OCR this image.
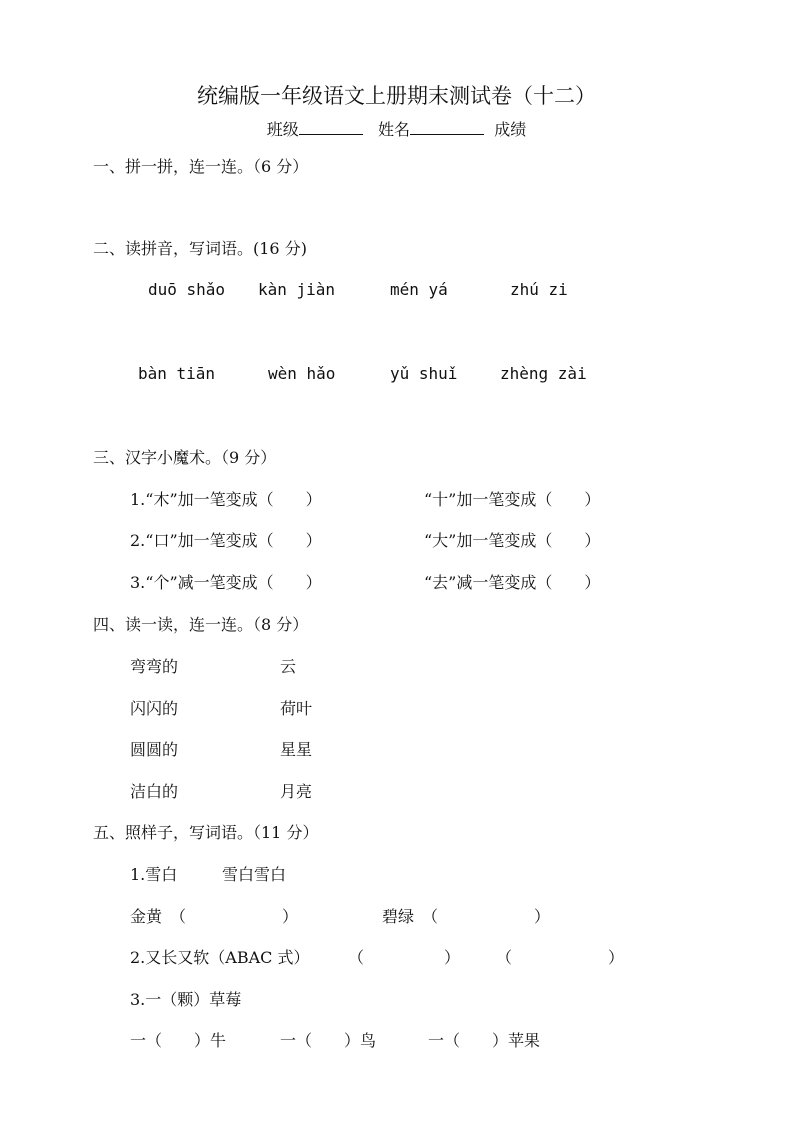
统编版一年级语文上册期末测试卷（十二）
班级	姓名	成绩
一、拼一拼，连一连。（6 分）
二、读拼音，写词语。(16 分)
duō shǎo kàn jiàn	mén yá	zhú zi
bàn tiān	wèn hǎo	yǔ shuǐ	zhèng zài
三、汉字小魔术。（9 分）
1.“木”加一笔变成（　　）	“十”加一笔变成（　　）
2.“口”加一笔变成（　　）	“大”加一笔变成（　　）
3.“个”减一笔变成（　　）	“去”减一笔变成（　　）
四、读一读，连一连。（8 分）
弯弯的	云
闪闪的	荷叶
圆圆的	星星
洁白的	月亮
五、照样子，写词语。（11 分）
1.雪白	雪白雪白
金黄　（　　　　　　）	碧绿　（　　　　　　）
2.又长又软（ABAC 式） （　　　　　） （　　　　　　）
3.一（颗）草莓
一（　　）牛	一（　　）鸟	一（　　）苹果
